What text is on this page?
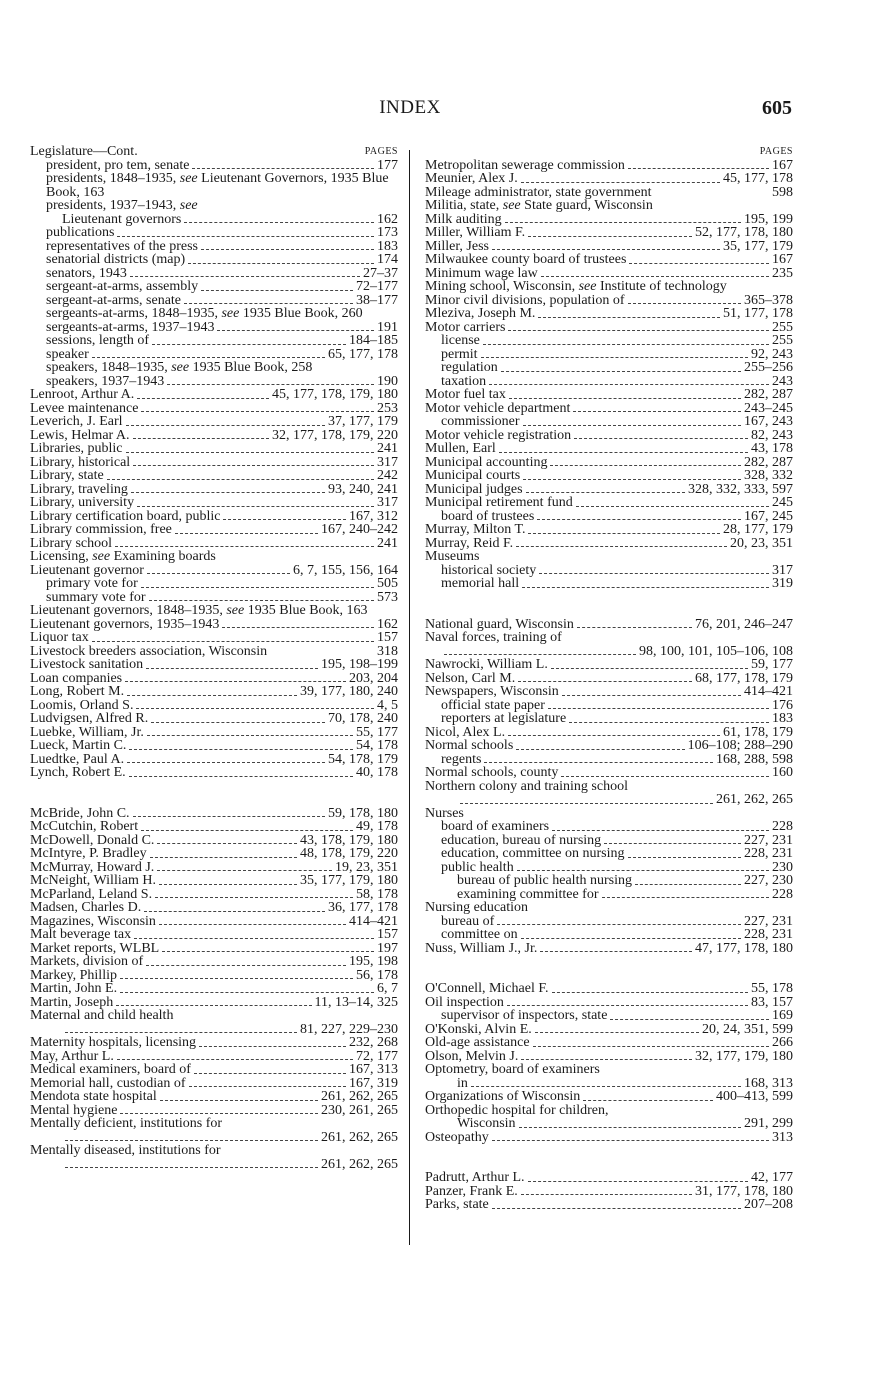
INDEX	605
Legislature—Cont.	PAGES
president, pro tem, senate	177
presidents, 1848–1935, see Lieutenant Governors, 1935 Blue Book, 163
presidents, 1937–1943, see
Lieutenant governors	162
publications	173
representatives of the press	183
senatorial districts (map)	174
senators, 1943	27–37
sergeant-at-arms, assembly	72–177
sergeant-at-arms, senate	38–177
sergeants-at-arms, 1848–1935, see 1935 Blue Book, 260
sergeants-at-arms, 1937–1943	191
sessions, length of	184–185
speaker	65, 177, 178
speakers, 1848–1935, see 1935 Blue Book, 258
speakers, 1937–1943	190
Lenroot, Arthur A.	45, 177, 178, 179, 180
Levee maintenance	253
Leverich, J. Earl	37, 177, 179
Lewis, Helmar A.	32, 177, 178, 179, 220
Libraries, public	241
Library, historical	317
Library, state	242
Library, traveling	93, 240, 241
Library, university	317
Library certification board, public	167, 312
Library commission, free	167, 240–242
Library school	241
Licensing, see Examining boards
Lieutenant governor	6, 7, 155, 156, 164
primary vote for	505
summary vote for	573
Lieutenant governors, 1848–1935, see 1935 Blue Book, 163
Lieutenant governors, 1935–1943	162
Liquor tax	157
Livestock breeders association, Wisconsin	318
Livestock sanitation	195, 198–199
Loan companies	203, 204
Long, Robert M.	39, 177, 180, 240
Loomis, Orland S.	4, 5
Ludvigsen, Alfred R.	70, 178, 240
Luebke, William, Jr.	55, 177
Lueck, Martin C.	54, 178
Luedtke, Paul A.	54, 178, 179
Lynch, Robert E.	40, 178
McBride, John C.	59, 178, 180
McCutchin, Robert	49, 178
McDowell, Donald C.	43, 178, 179, 180
McIntyre, P. Bradley	48, 178, 179, 220
McMurray, Howard J.	19, 23, 351
McNeight, William H.	35, 177, 179, 180
McParland, Leland S.	58, 178
Madsen, Charles D.	36, 177, 178
Magazines, Wisconsin	414–421
Malt beverage tax	157
Market reports, WLBL	197
Markets, division of	195, 198
Markey, Phillip	56, 178
Martin, John E.	6, 7
Martin, Joseph	11, 13–14, 325
Maternal and child health
81, 227, 229–230
Maternity hospitals, licensing	232, 268
May, Arthur L.	72, 177
Medical examiners, board of	167, 313
Memorial hall, custodian of	167, 319
Mendota state hospital	261, 262, 265
Mental hygiene	230, 261, 265
Mentally deficient, institutions for
261, 262, 265
Mentally diseased, institutions for
261, 262, 265
PAGES
Metropolitan sewerage commission	167
Meunier, Alex J.	45, 177, 178
Mileage administrator, state government	598
Militia, state, see State guard, Wisconsin
Milk auditing	195, 199
Miller, William F.	52, 177, 178, 180
Miller, Jess	35, 177, 179
Milwaukee county board of trustees	167
Minimum wage law	235
Mining school, Wisconsin, see Institute of technology
Minor civil divisions, population of	365–378
Mleziva, Joseph M.	51, 177, 178
Motor carriers	255
license	255
permit	92, 243
regulation	255–256
taxation	243
Motor fuel tax	282, 287
Motor vehicle department	243–245
commissioner	167, 243
Motor vehicle registration	82, 243
Mullen, Earl	43, 178
Municipal accounting	282, 287
Municipal courts	328, 332
Municipal judges	328, 332, 333, 597
Municipal retirement fund	245
board of trustees	167, 245
Murray, Milton T.	28, 177, 179
Murray, Reid F.	20, 23, 351
Museums
historical society	317
memorial hall	319
National guard, Wisconsin	76, 201, 246–247
Naval forces, training of
98, 100, 101, 105–106, 108
Nawrocki, William L.	59, 177
Nelson, Carl M.	68, 177, 178, 179
Newspapers, Wisconsin	414–421
official state paper	176
reporters at legislature	183
Nicol, Alex L.	61, 178, 179
Normal schools	106–108; 288–290
regents	168, 288, 598
Normal schools, county	160
Northern colony and training school
261, 262, 265
Nurses
board of examiners	228
education, bureau of nursing	227, 231
education, committee on nursing	228, 231
public health	230
bureau of public health nursing	227, 230
examining committee for	228
Nursing education
bureau of	227, 231
committee on	228, 231
Nuss, William J., Jr.	47, 177, 178, 180
O'Connell, Michael F.	55, 178
Oil inspection	83, 157
supervisor of inspectors, state	169
O'Konski, Alvin E.	20, 24, 351, 599
Old-age assistance	266
Olson, Melvin J.	32, 177, 179, 180
Optometry, board of examiners
in	168, 313
Organizations of Wisconsin	400–413, 599
Orthopedic hospital for children,
Wisconsin	291, 299
Osteopathy	313
Padrutt, Arthur L.	42, 177
Panzer, Frank E.	31, 177, 178, 180
Parks, state	207–208
